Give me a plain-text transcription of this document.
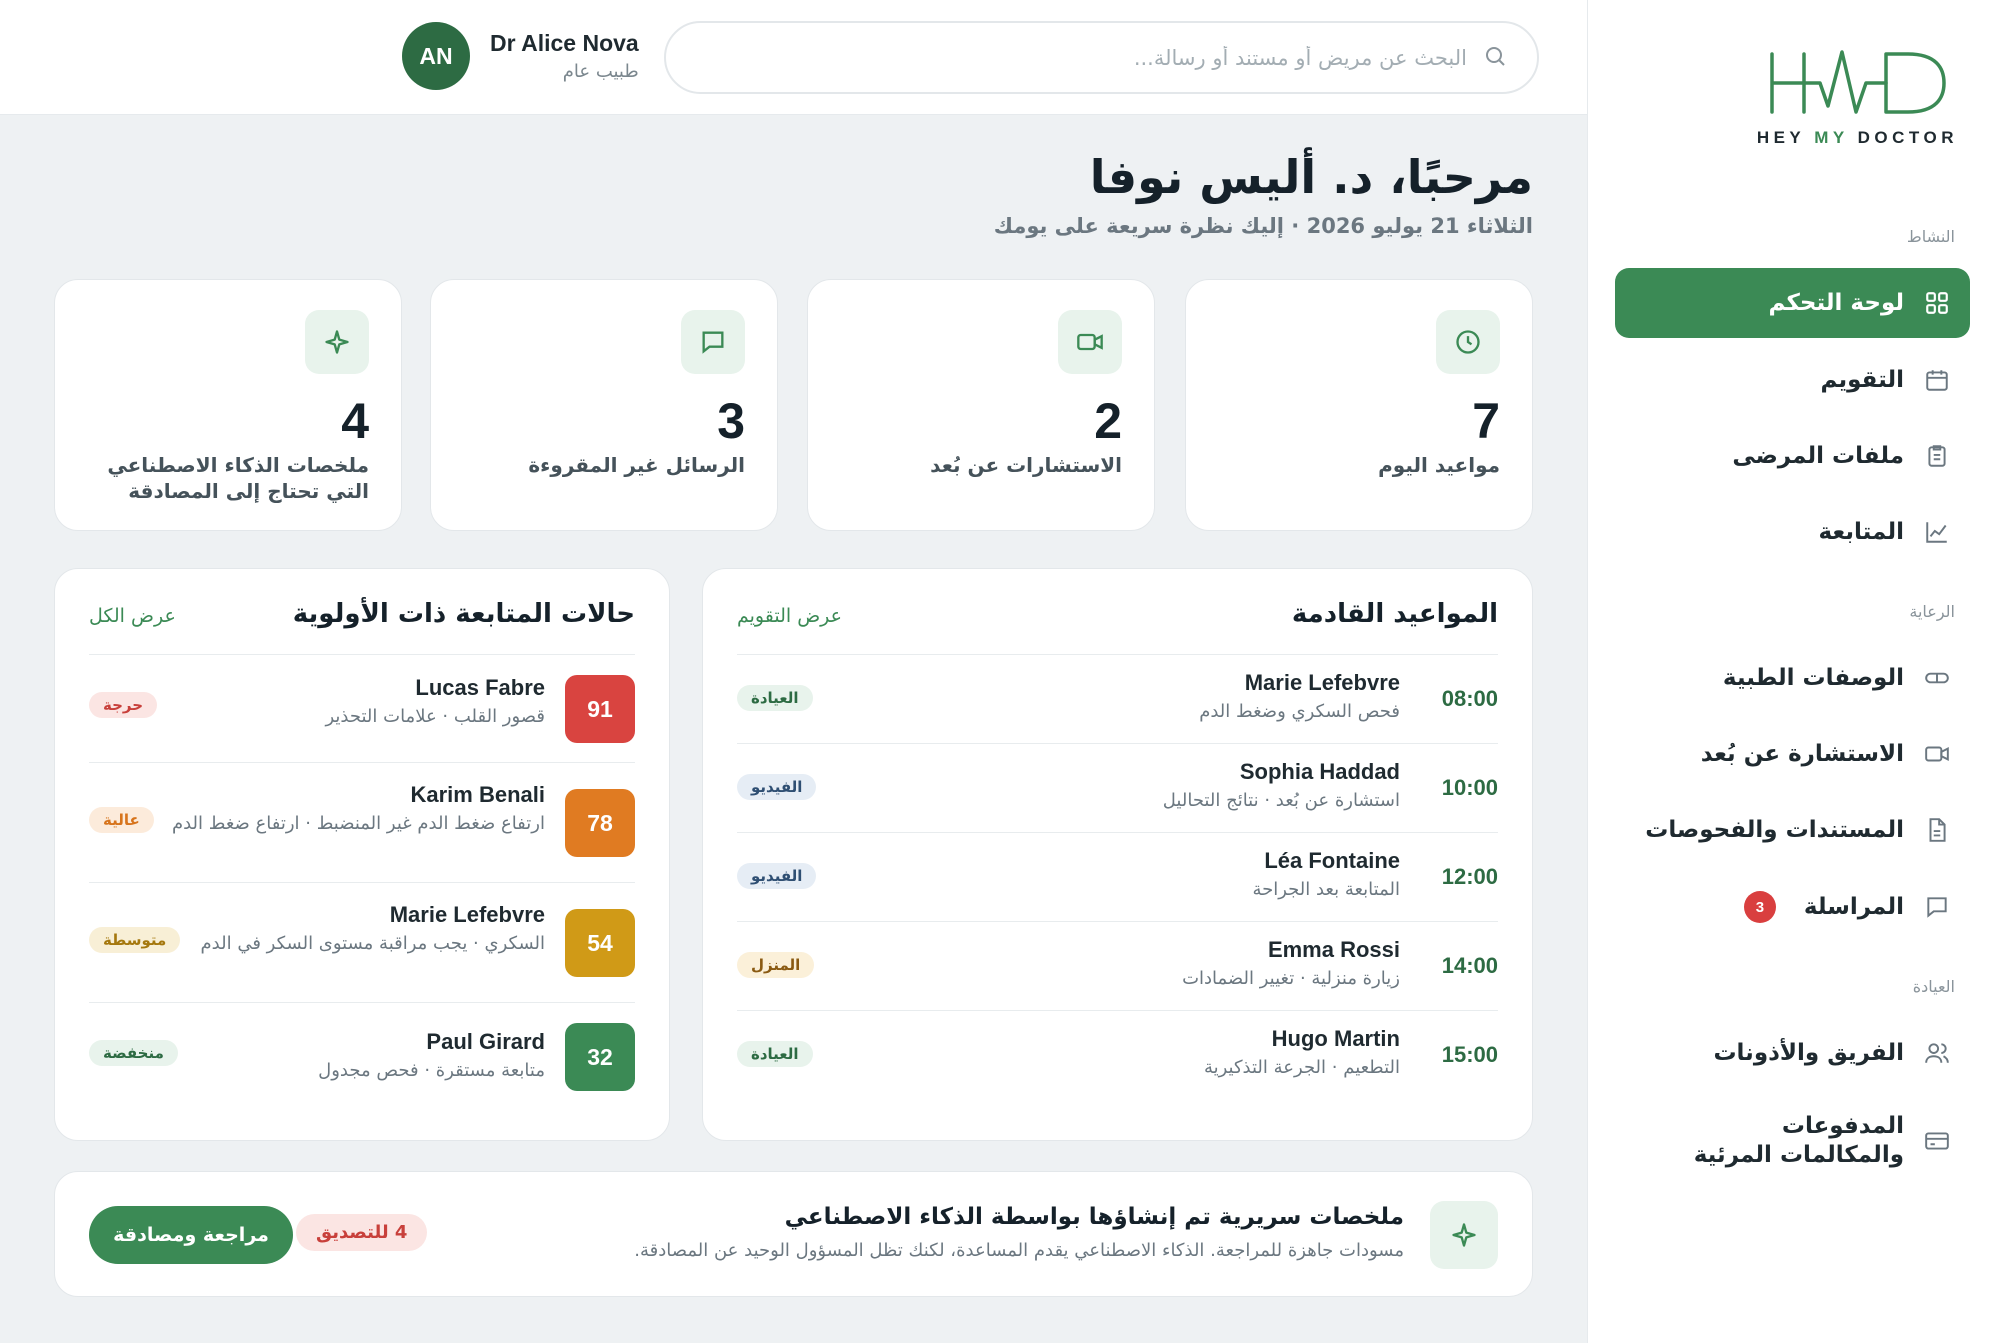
HEY MY DOCTOR
النشاط
لوحة التحكم
التقويم
ملفات المرضى
المتابعة
الرعاية
الوصفات الطبية
الاستشارة عن بُعد
المستندات والفحوصات
المراسلة
3
العيادة
الفريق والأذونات
المدفوعات والمكالمات المرئية
البحث عن مريض أو مستند أو رسالة...
AN	Dr Alice Nova
طبيب عام
مرحبًا، د. أليس نوفا
الثلاثاء 21 يوليو 2026 · إليك نظرة سريعة على يومك
7
مواعيد اليوم
2
الاستشارات عن بُعد
3
الرسائل غير المقروءة
4
ملخصات الذكاء الاصطناعي التي تحتاج إلى المصادقة
المواعيد القادمة
عرض التقويم
08:00
Marie Lefebvre
فحص السكري وضغط الدم
العيادة
10:00
Sophia Haddad
استشارة عن بُعد · نتائج التحاليل
الفيديو
12:00
Léa Fontaine
المتابعة بعد الجراحة
الفيديو
14:00
Emma Rossi
زيارة منزلية · تغيير الضمادات
المنزل
15:00
Hugo Martin
التطعيم · الجرعة التذكيرية
العيادة
حالات المتابعة ذات الأولوية
عرض الكل
91
Lucas Fabre
قصور القلب · علامات التحذير
حرجة
78
Karim Benali
ارتفاع ضغط الدم غير المنضبط · ارتفاع ضغط الدم
عالية
54
Marie Lefebvre
السكري · يجب مراقبة مستوى السكر في الدم
متوسطة
32
Paul Girard
متابعة مستقرة · فحص مجدول
منخفضة
ملخصات سريرية تم إنشاؤها بواسطة الذكاء الاصطناعي
مسودات جاهزة للمراجعة. الذكاء الاصطناعي يقدم المساعدة، لكنك تظل المسؤول الوحيد عن المصادقة.
4 للتصديق
مراجعة ومصادقة
